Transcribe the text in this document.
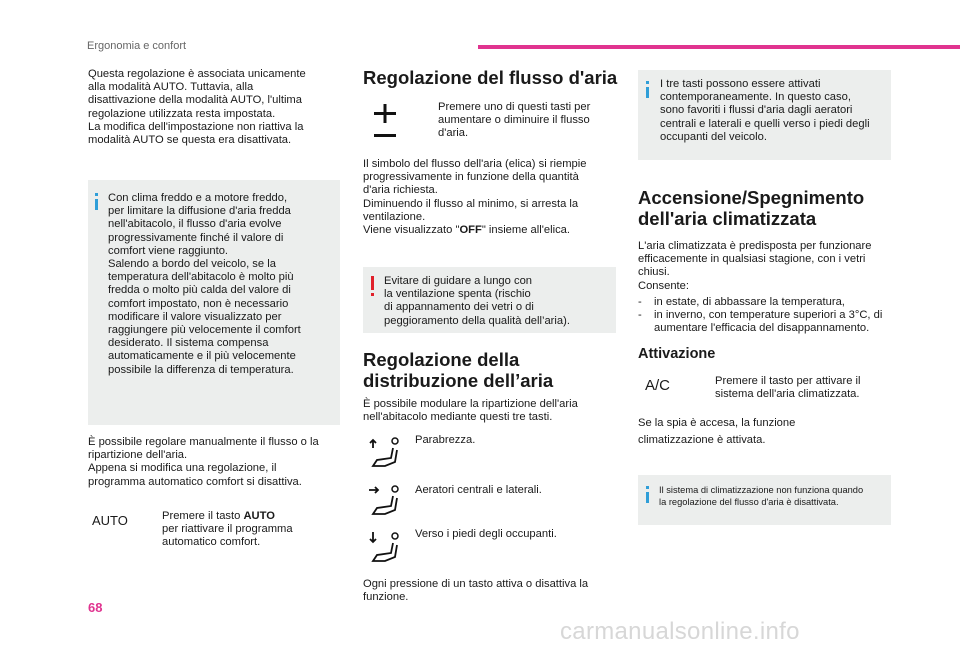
Ergonomia e confort
Questa regolazione è associata unicamente
alla modalità AUTO. Tuttavia, alla
disattivazione della modalità AUTO, l'ultima
regolazione utilizzata resta impostata.
La modifica dell'impostazione non riattiva la
modalità AUTO se questa era disattivata.
Con clima freddo e a motore freddo,
per limitare la diffusione d'aria fredda
nell'abitacolo, il flusso d'aria evolve
progressivamente finché il valore di
comfort viene raggiunto.
Salendo a bordo del veicolo, se la
temperatura dell'abitacolo è molto più
fredda o molto più calda del valore di
comfort impostato, non è necessario
modificare il valore visualizzato per
raggiungere più velocemente il comfort
desiderato. Il sistema compensa
automaticamente e il più velocemente
possibile la differenza di temperatura.
È possibile regolare manualmente il flusso o la
ripartizione dell'aria.
Appena si modifica una regolazione, il
programma automatico comfort si disattiva.
AUTO	Premere il tasto AUTO
per riattivare il programma
automatico comfort.
Regolazione del flusso d'aria
Premere uno di questi tasti per
aumentare o diminuire il flusso
d'aria.
Il simbolo del flusso dell'aria (elica) si riempie
progressivamente in funzione della quantità
d'aria richiesta.
Diminuendo il flusso al minimo, si arresta la
ventilazione.
Viene visualizzato "OFF" insieme all'elica.
Evitare di guidare a lungo con
la ventilazione spenta (rischio
di appannamento dei vetri o di
peggioramento della qualità dell’aria).
Regolazione della
distribuzione dell’aria
È possibile modulare la ripartizione dell'aria
nell'abitacolo mediante questi tre tasti.
Parabrezza.
Aeratori centrali e laterali.
Verso i piedi degli occupanti.
Ogni pressione di un tasto attiva o disattiva la
funzione.
I tre tasti possono essere attivati
contemporaneamente. In questo caso,
sono favoriti i flussi d'aria dagli aeratori
centrali e laterali e quelli verso i piedi degli
occupanti del veicolo.
Accensione/Spegnimento
dell'aria climatizzata
L'aria climatizzata è predisposta per funzionare
efficacemente in qualsiasi stagione, con i vetri
chiusi.
Consente:
- in estate, di abbassare la temperatura,
- in inverno, con temperature superiori a 3°C, di
aumentare l'efficacia del disappannamento.
Attivazione
A/C	Premere il tasto per attivare il
sistema dell'aria climatizzata.
Se la spia è accesa, la funzione
climatizzazione è attivata.
Il sistema di climatizzazione non funziona quando
la regolazione del flusso d'aria è disattivata.
68
carmanualsonline.info
